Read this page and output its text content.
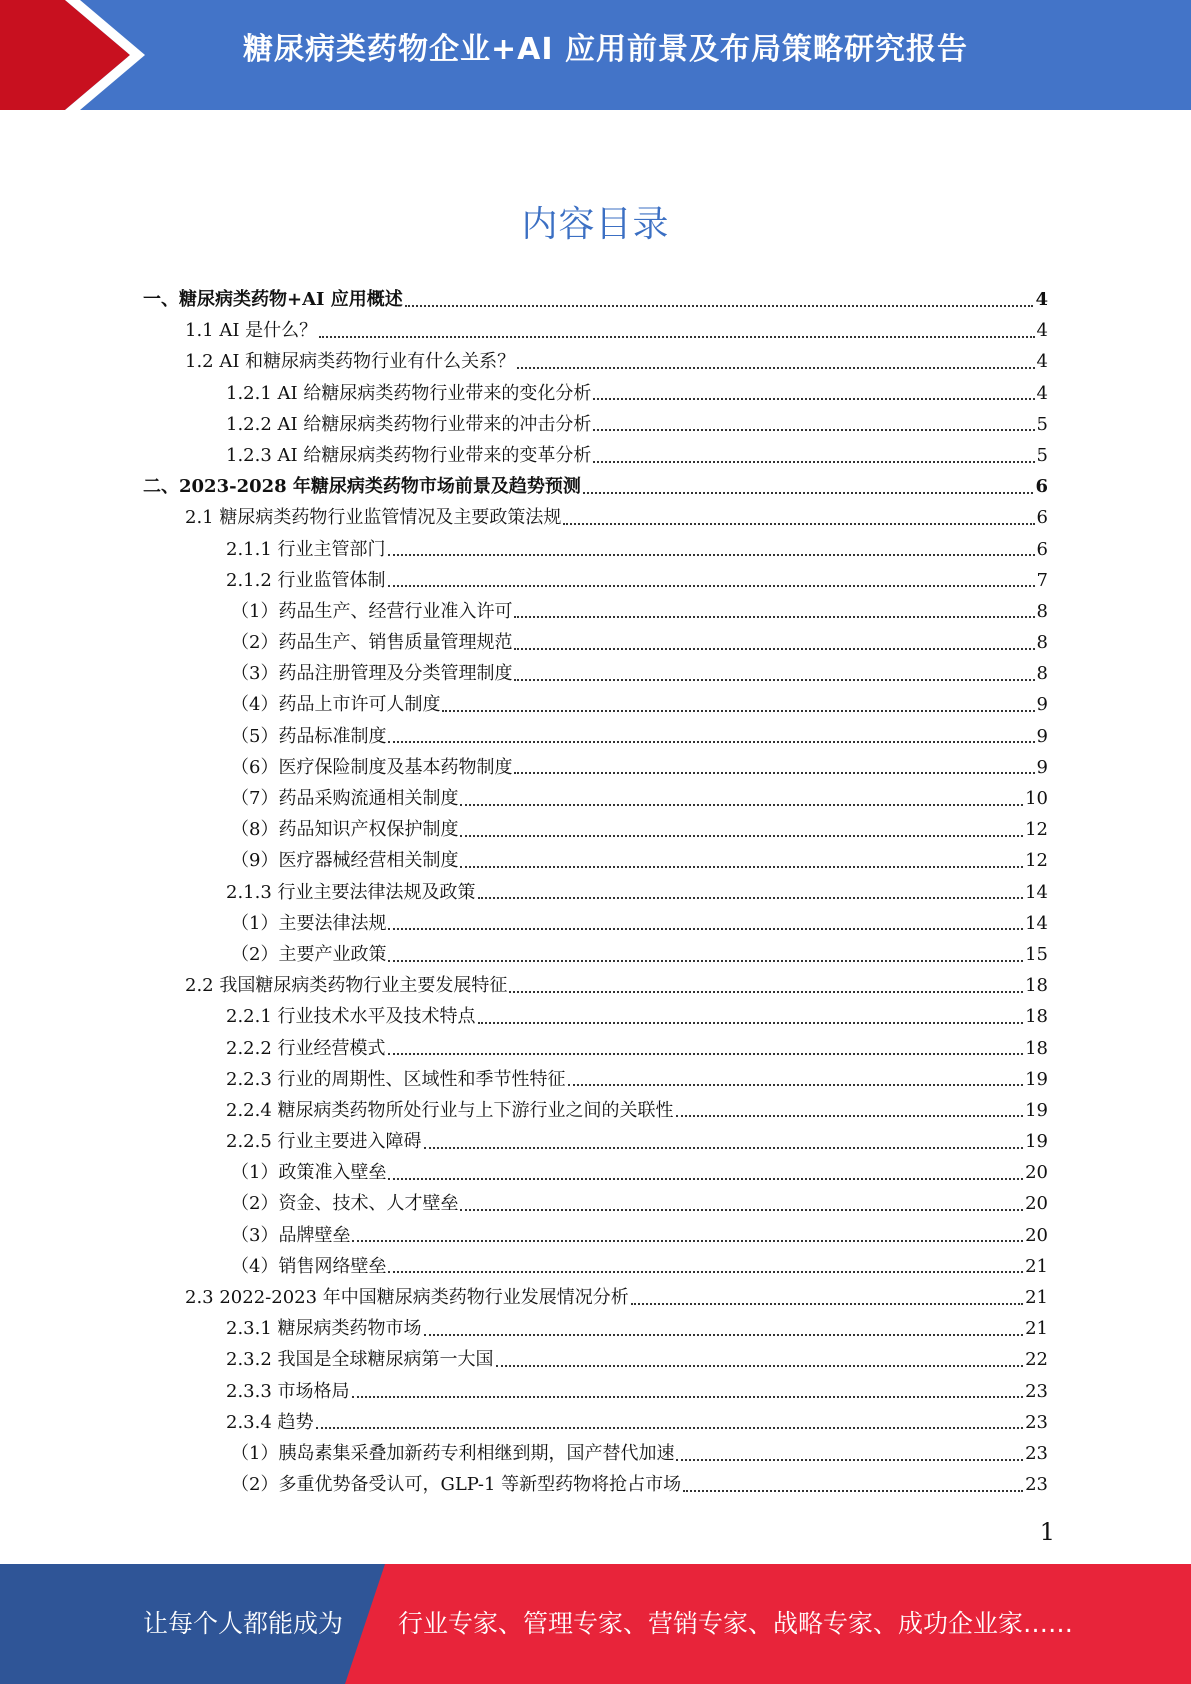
糖尿病类药物企业+AI 应用前景及布局策略研究报告
内容目录
一、糖尿病类药物+AI 应用概述	4
1.1 AI 是什么？	4
1.2 AI 和糖尿病类药物行业有什么关系？	4
1.2.1 AI 给糖尿病类药物行业带来的变化分析	4
1.2.2 AI 给糖尿病类药物行业带来的冲击分析	5
1.2.3 AI 给糖尿病类药物行业带来的变革分析	5
二、2023-2028 年糖尿病类药物市场前景及趋势预测	6
2.1 糖尿病类药物行业监管情况及主要政策法规	6
2.1.1 行业主管部门	6
2.1.2 行业监管体制	7
（1）药品生产、经营行业准入许可	8
（2）药品生产、销售质量管理规范	8
（3）药品注册管理及分类管理制度	8
（4）药品上市许可人制度	9
（5）药品标准制度	9
（6）医疗保险制度及基本药物制度	9
（7）药品采购流通相关制度	10
（8）药品知识产权保护制度	12
（9）医疗器械经营相关制度	12
2.1.3 行业主要法律法规及政策	14
（1）主要法律法规	14
（2）主要产业政策	15
2.2 我国糖尿病类药物行业主要发展特征	18
2.2.1 行业技术水平及技术特点	18
2.2.2 行业经营模式	18
2.2.3 行业的周期性、区域性和季节性特征	19
2.2.4 糖尿病类药物所处行业与上下游行业之间的关联性	19
2.2.5 行业主要进入障碍	19
（1）政策准入壁垒	20
（2）资金、技术、人才壁垒	20
（3）品牌壁垒	20
（4）销售网络壁垒	21
2.3 2022-2023 年中国糖尿病类药物行业发展情况分析	21
2.3.1 糖尿病类药物市场	21
2.3.2 我国是全球糖尿病第一大国	22
2.3.3 市场格局	23
2.3.4 趋势	23
（1）胰岛素集采叠加新药专利相继到期，国产替代加速	23
（2）多重优势备受认可，GLP-1 等新型药物将抢占市场	23
1
让每个人都能成为 行业专家、管理专家、营销专家、战略专家、成功企业家……
